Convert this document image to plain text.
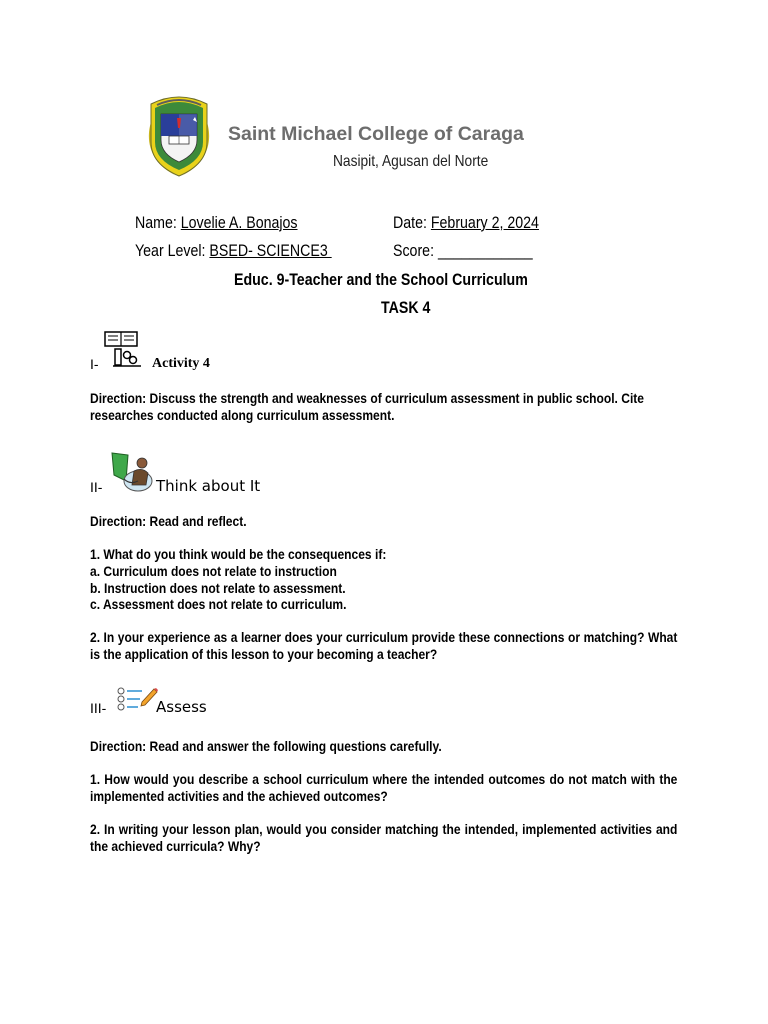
Saint Michael College of Caraga
Nasipit, Agusan del Norte
Name: Lovelie A. Bonajos	Date: February 2, 2024
Year Level: BSED- SCIENCE3	Score: ____________
Educ. 9-Teacher and the School Curriculum
TASK 4
I-	Activity 4
Direction: Discuss the strength and weaknesses of curriculum assessment in public school. Cite
researches conducted along curriculum assessment.
II-	Think about It
Direction: Read and reflect.
1. What do you think would be the consequences if:
a. Curriculum does not relate to instruction
b. Instruction does not relate to assessment.
c. Assessment does not relate to curriculum.
2. In your experience as a learner does your curriculum provide these connections or matching? What is the application of this lesson to your becoming a teacher?
III-	Assess
Direction: Read and answer the following questions carefully.
1. How would you describe a school curriculum where the intended outcomes do not match with the implemented activities and the achieved outcomes?
2. In writing your lesson plan, would you consider matching the intended, implemented activities and the achieved curricula? Why?
